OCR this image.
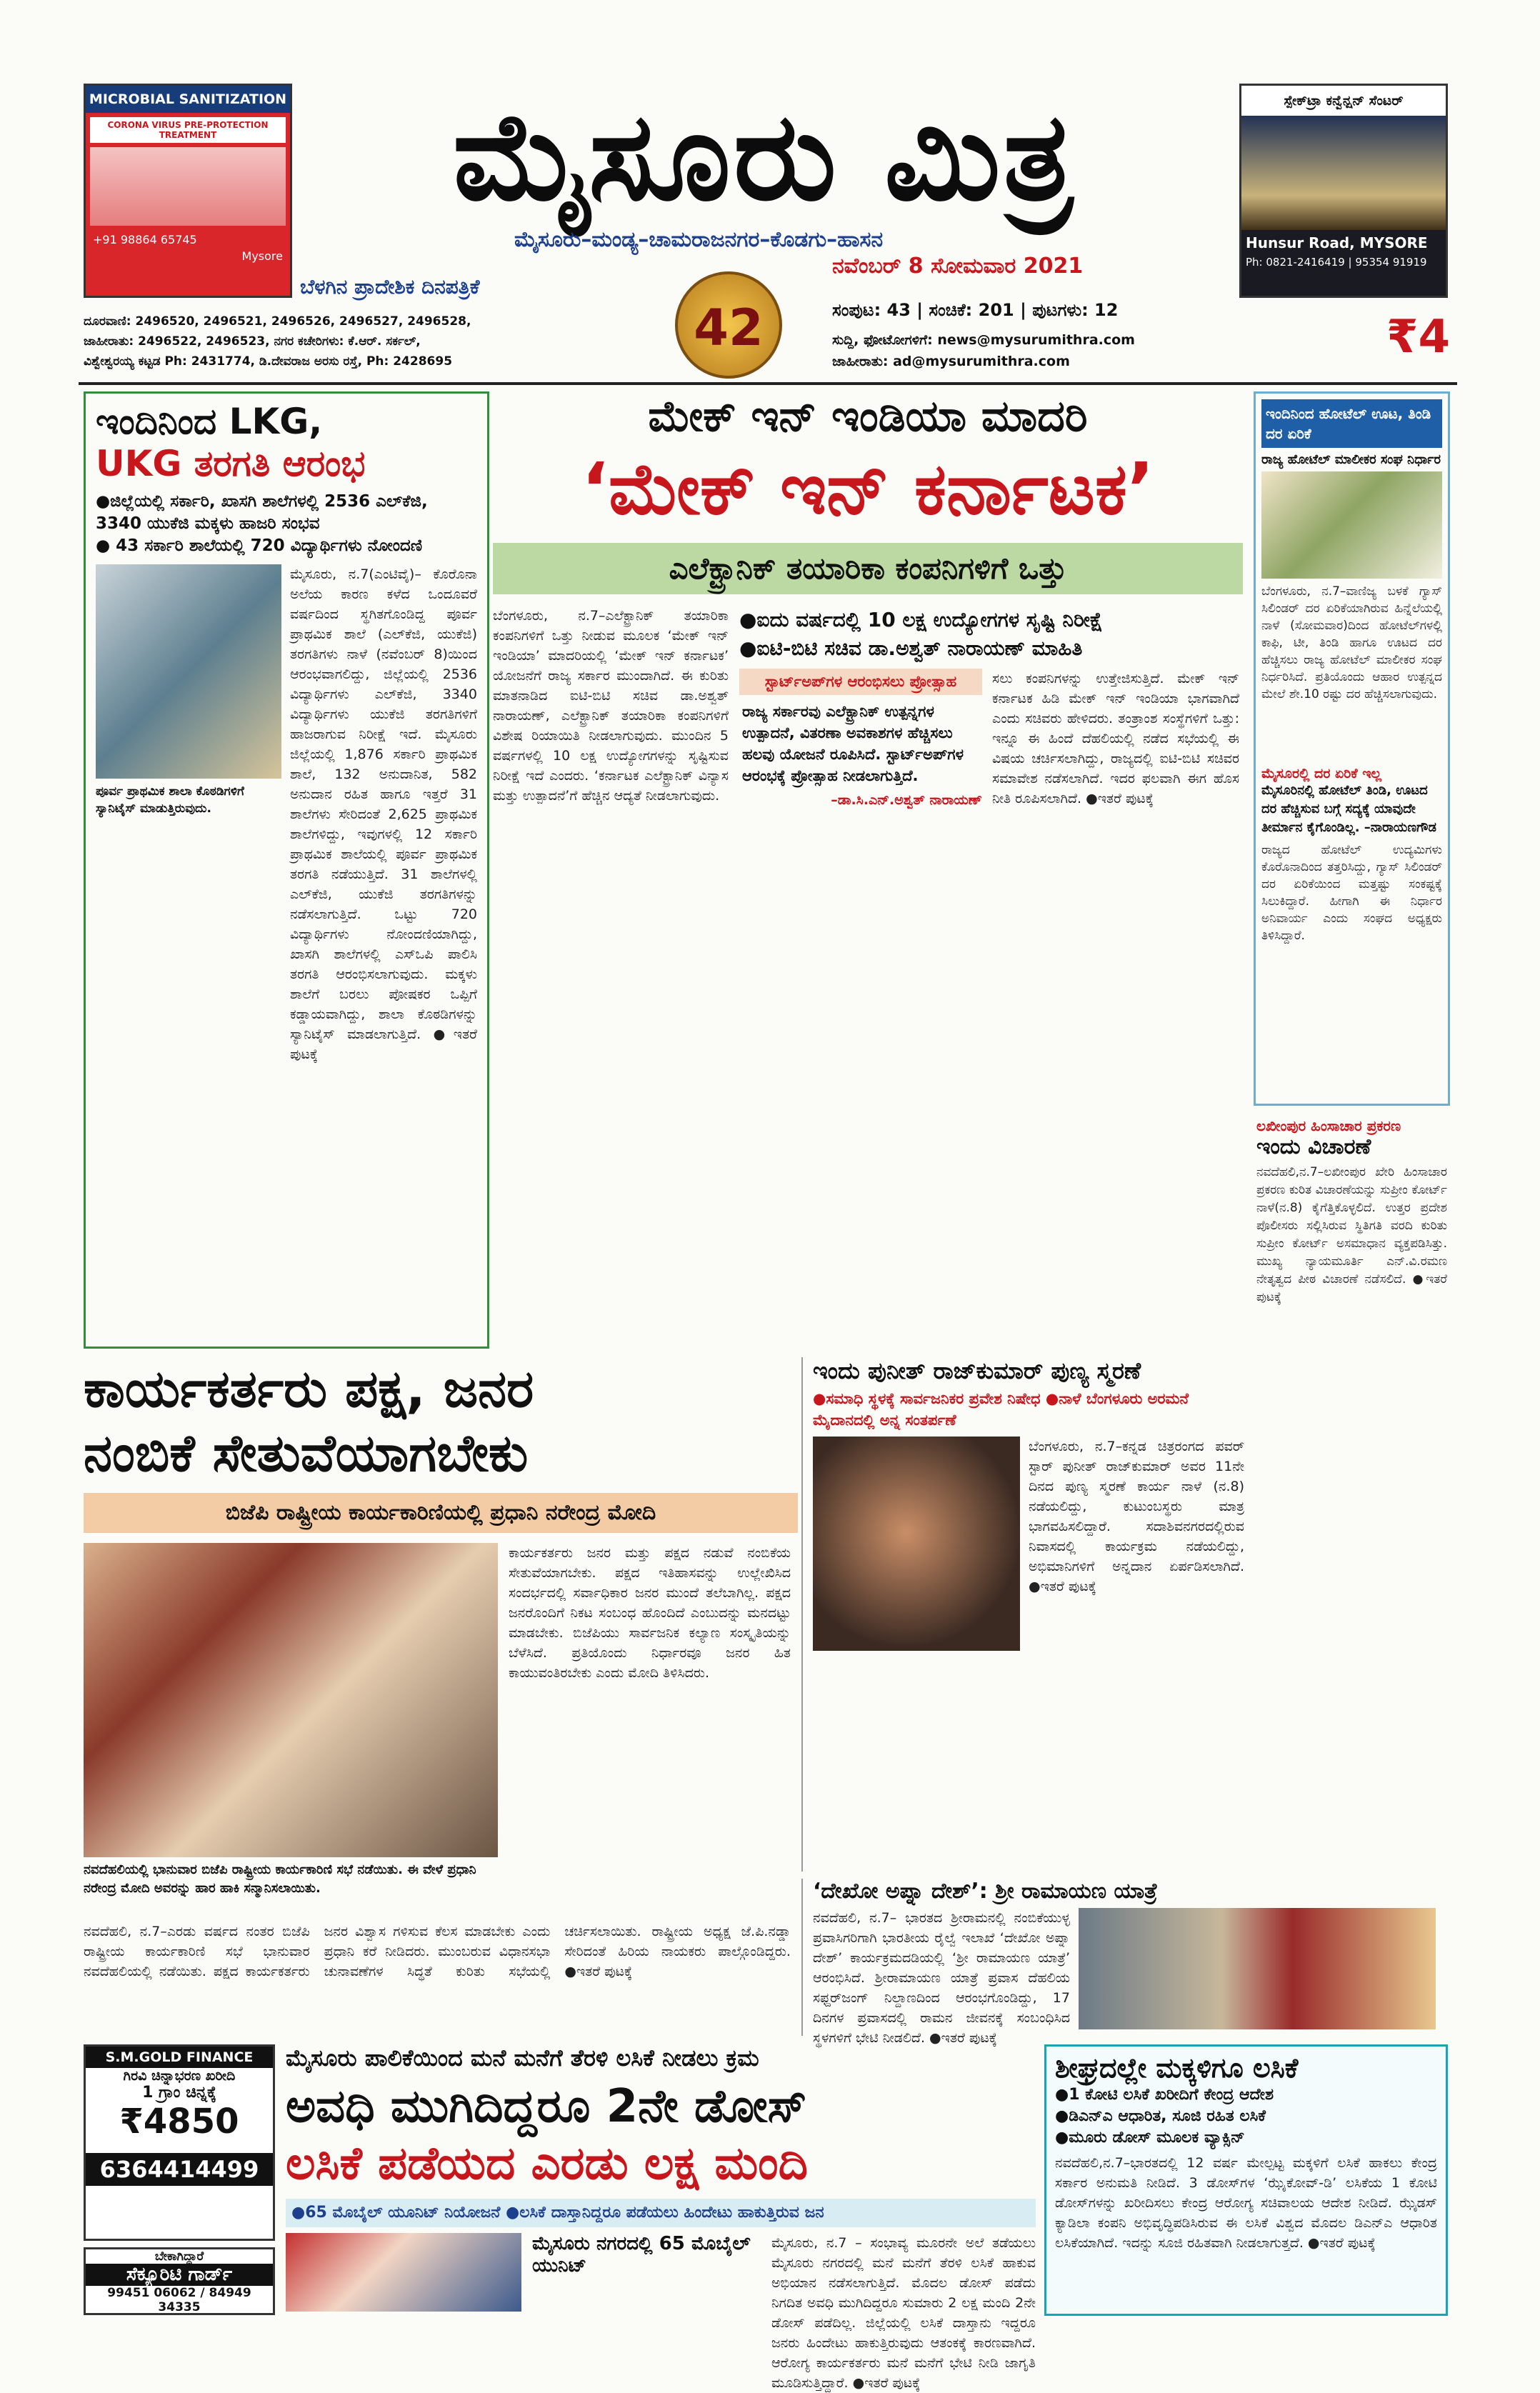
MICROBIAL SANITIZATION
CORONA VIRUS PRE-PROTECTION TREATMENT
+91 98864 65745
Mysore
ಮೈಸೂರು ಮಿತ್ರ
ಮೈಸೂರು–ಮಂಡ್ಯ–ಚಾಮರಾಜನಗರ–ಕೊಡಗು–ಹಾಸನ
ಬೆಳಗಿನ ಪ್ರಾದೇಶಿಕ ದಿನಪತ್ರಿಕೆ
ನವೆಂಬರ್ 8 ಸೋಮವಾರ 2021
42	ಸಂಪುಟ: 43 | ಸಂಚಿಕೆ: 201 | ಪುಟಗಳು: 12
ಸುದ್ದಿ, ಫೋಟೋಗಳಿಗೆ: news@mysurumithra.com
ಜಾಹೀರಾತು: ad@mysurumithra.com
ದೂರವಾಣಿ: 2496520, 2496521, 2496526, 2496527, 2496528,
ಜಾಹೀರಾತು: 2496522, 2496523, ನಗರ ಕಚೇರಿಗಳು: ಕೆ.ಆರ್. ಸರ್ಕಲ್,
ವಿಶ್ವೇಶ್ವರಯ್ಯ ಕಟ್ಟಡ Ph: 2431774, ಡಿ.ದೇವರಾಜ ಅರಸು ರಸ್ತೆ, Ph: 2428695
ಸ್ಪೇಕ್‌ಟ್ರಾ ಕನ್ವೆನ್ಷನ್ ಸೆಂಟರ್
Hunsur Road, MYSORE
Ph: 0821-2416419 | 95354 91919
₹4
ಇಂದಿನಿಂದ LKG,
UKG ತರಗತಿ ಆರಂಭ
●ಜಿಲ್ಲೆಯಲ್ಲಿ ಸರ್ಕಾರಿ, ಖಾಸಗಿ ಶಾಲೆಗಳಲ್ಲಿ 2536 ಎಲ್‌ಕೆಜಿ, 3340 ಯುಕೆಜಿ ಮಕ್ಕಳು ಹಾಜರಿ ಸಂಭವ
● 43 ಸರ್ಕಾರಿ ಶಾಲೆಯಲ್ಲಿ 720 ವಿದ್ಯಾರ್ಥಿಗಳು ನೋಂದಣಿ
ಪೂರ್ವ ಪ್ರಾಥಮಿಕ ಶಾಲಾ ಕೊಠಡಿಗಳಿಗೆ ಸ್ಯಾನಿಟೈಸ್ ಮಾಡುತ್ತಿರುವುದು.
ಮೈಸೂರು, ನ.7(ಎಂಟಿವೈ)– ಕೊರೊನಾ ಅಲೆಯ ಕಾರಣ ಕಳೆದ ಒಂದೂವರೆ ವರ್ಷದಿಂದ ಸ್ಥಗಿತಗೊಂಡಿದ್ದ ಪೂರ್ವ ಪ್ರಾಥಮಿಕ ಶಾಲೆ (ಎಲ್‌ಕೆಜಿ, ಯುಕೆಜಿ) ತರಗತಿಗಳು ನಾಳೆ (ನವೆಂಬರ್ 8)ಯಿಂದ ಆರಂಭವಾಗಲಿದ್ದು, ಜಿಲ್ಲೆಯಲ್ಲಿ 2536 ವಿದ್ಯಾರ್ಥಿಗಳು ಎಲ್‌ಕೆಜಿ, 3340 ವಿದ್ಯಾರ್ಥಿಗಳು ಯುಕೆಜಿ ತರಗತಿಗಳಿಗೆ ಹಾಜರಾಗುವ ನಿರೀಕ್ಷೆ ಇದೆ. ಮೈಸೂರು ಜಿಲ್ಲೆಯಲ್ಲಿ 1,876 ಸರ್ಕಾರಿ ಪ್ರಾಥಮಿಕ ಶಾಲೆ, 132 ಅನುದಾನಿತ, 582 ಅನುದಾನ ರಹಿತ ಹಾಗೂ ಇತ್ತರೆ 31 ಶಾಲೆಗಳು ಸೇರಿದಂತೆ 2,625 ಪ್ರಾಥಮಿಕ ಶಾಲೆಗಳಿದ್ದು, ಇವುಗಳಲ್ಲಿ 12 ಸರ್ಕಾರಿ ಪ್ರಾಥಮಿಕ ಶಾಲೆಯಲ್ಲಿ ಪೂರ್ವ ಪ್ರಾಥಮಿಕ ತರಗತಿ ನಡೆಯುತ್ತಿದೆ. 31 ಶಾಲೆಗಳಲ್ಲಿ ಎಲ್‌ಕೆಜಿ, ಯುಕೆಜಿ ತರಗತಿಗಳನ್ನು ನಡೆಸಲಾಗುತ್ತಿದೆ. ಒಟ್ಟು 720 ವಿದ್ಯಾರ್ಥಿಗಳು ನೋಂದಣಿಯಾಗಿದ್ದು, ಖಾಸಗಿ ಶಾಲೆಗಳಲ್ಲಿ ಎಸ್‌ಒಪಿ ಪಾಲಿಸಿ ತರಗತಿ ಆರಂಭಿಸಲಾಗುವುದು. ಮಕ್ಕಳು ಶಾಲೆಗೆ ಬರಲು ಪೋಷಕರ ಒಪ್ಪಿಗೆ ಕಡ್ಡಾಯವಾಗಿದ್ದು, ಶಾಲಾ ಕೊಠಡಿಗಳನ್ನು ಸ್ಯಾನಿಟೈಸ್ ಮಾಡಲಾಗುತ್ತಿದೆ. ●ಇತರೆ ಪುಟಕ್ಕೆ
ಮೇಕ್ ಇನ್ ಇಂಡಿಯಾ ಮಾದರಿ
‘ಮೇಕ್ ಇನ್ ಕರ್ನಾಟಕ’
ಎಲೆಕ್ಟ್ರಾನಿಕ್ ತಯಾರಿಕಾ ಕಂಪನಿಗಳಿಗೆ ಒತ್ತು
ಬೆಂಗಳೂರು, ನ.7–ಎಲೆಕ್ಟ್ರಾನಿಕ್ ತಯಾರಿಕಾ ಕಂಪನಿಗಳಿಗೆ ಒತ್ತು ನೀಡುವ ಮೂಲಕ ‘ಮೇಕ್ ಇನ್ ಇಂಡಿಯಾ’ ಮಾದರಿಯಲ್ಲಿ ‘ಮೇಕ್ ಇನ್ ಕರ್ನಾಟಕ’ ಯೋಜನೆಗೆ ರಾಜ್ಯ ಸರ್ಕಾರ ಮುಂದಾಗಿದೆ. ಈ ಕುರಿತು ಮಾತನಾಡಿದ ಐಟಿ-ಬಿಟಿ ಸಚಿವ ಡಾ.ಅಶ್ವತ್ ನಾರಾಯಣ್, ಎಲೆಕ್ಟ್ರಾನಿಕ್ ತಯಾರಿಕಾ ಕಂಪನಿಗಳಿಗೆ ವಿಶೇಷ ರಿಯಾಯಿತಿ ನೀಡಲಾಗುವುದು. ಮುಂದಿನ 5 ವರ್ಷಗಳಲ್ಲಿ 10 ಲಕ್ಷ ಉದ್ಯೋಗಗಳನ್ನು ಸೃಷ್ಟಿಸುವ ನಿರೀಕ್ಷೆ ಇದೆ ಎಂದರು. ‘ಕರ್ನಾಟಕ ಎಲೆಕ್ಟ್ರಾನಿಕ್ ವಿನ್ಯಾಸ ಮತ್ತು ಉತ್ಪಾದನೆ’ಗೆ ಹೆಚ್ಚಿನ ಆದ್ಯತೆ ನೀಡಲಾಗುವುದು.
●ಐದು ವರ್ಷದಲ್ಲಿ 10 ಲಕ್ಷ ಉದ್ಯೋಗಗಳ ಸೃಷ್ಟಿ ನಿರೀಕ್ಷೆ
●ಐಟಿ-ಬಿಟಿ ಸಚಿವ ಡಾ.ಅಶ್ವತ್ ನಾರಾಯಣ್ ಮಾಹಿತಿ
ಸ್ಟಾರ್ಟ್‌ಅಪ್‌ಗಳ ಆರಂಭಿಸಲು ಪ್ರೋತ್ಸಾಹ
ರಾಜ್ಯ ಸರ್ಕಾರವು ಎಲೆಕ್ಟ್ರಾನಿಕ್ ಉತ್ಪನ್ನಗಳ ಉತ್ಪಾದನೆ, ವಿತರಣಾ ಅವಕಾಶಗಳ ಹೆಚ್ಚಿಸಲು ಹಲವು ಯೋಜನೆ ರೂಪಿಸಿದೆ. ಸ್ಟಾರ್ಟ್‌ಅಪ್‌ಗಳ ಆರಂಭಕ್ಕೆ ಪ್ರೋತ್ಸಾಹ ನೀಡಲಾಗುತ್ತಿದೆ.
–ಡಾ.ಸಿ.ಎನ್.ಅಶ್ವತ್ ನಾರಾಯಣ್
ಸಲು ಕಂಪನಿಗಳನ್ನು ಉತ್ತೇಜಿಸುತ್ತಿದೆ. ಮೇಕ್ ಇನ್ ಕರ್ನಾಟಕ ಹಿಡಿ ಮೇಕ್ ಇನ್ ಇಂಡಿಯಾ ಭಾಗವಾಗಿದೆ ಎಂದು ಸಚಿವರು ಹೇಳಿದರು. ತಂತ್ರಾಂಶ ಸಂಸ್ಥೆಗಳಿಗೆ ಒತ್ತು: ಇನ್ನೂ ಈ ಹಿಂದೆ ದೆಹಲಿಯಲ್ಲಿ ನಡೆದ ಸಭೆಯಲ್ಲಿ ಈ ವಿಷಯ ಚರ್ಚಿಸಲಾಗಿದ್ದು, ರಾಜ್ಯದಲ್ಲಿ ಐಟಿ-ಬಿಟಿ ಸಚಿವರ ಸಮಾವೇಶ ನಡೆಸಲಾಗಿದೆ. ಇದರ ಫಲವಾಗಿ ಈಗ ಹೊಸ ನೀತಿ ರೂಪಿಸಲಾಗಿದೆ. ●ಇತರೆ ಪುಟಕ್ಕೆ
ಇಂದಿನಿಂದ ಹೋಟೆಲ್ ಊಟ, ತಿಂಡಿ ದರ ಏರಿಕೆ
ರಾಜ್ಯ ಹೋಟೆಲ್ ಮಾಲೀಕರ ಸಂಘ ನಿರ್ಧಾರ
ಬೆಂಗಳೂರು, ನ.7–ವಾಣಿಜ್ಯ ಬಳಕೆ ಗ್ಯಾಸ್ ಸಿಲಿಂಡರ್ ದರ ಏರಿಕೆಯಾಗಿರುವ ಹಿನ್ನೆಲೆಯಲ್ಲಿ ನಾಳೆ (ಸೋಮವಾರ)ದಿಂದ ಹೋಟೆಲ್‌ಗಳಲ್ಲಿ ಕಾಫಿ, ಟೀ, ತಿಂಡಿ ಹಾಗೂ ಊಟದ ದರ ಹೆಚ್ಚಿಸಲು ರಾಜ್ಯ ಹೋಟೆಲ್ ಮಾಲೀಕರ ಸಂಘ ನಿರ್ಧರಿಸಿದೆ. ಪ್ರತಿಯೊಂದು ಆಹಾರ ಉತ್ಪನ್ನದ ಮೇಲೆ ಶೇ.10 ರಷ್ಟು ದರ ಹೆಚ್ಚಿಸಲಾಗುವುದು.
ಮೈಸೂರಲ್ಲಿ ದರ ಏರಿಕೆ ಇಲ್ಲ
ಮೈಸೂರಿನಲ್ಲಿ ಹೋಟೆಲ್ ತಿಂಡಿ, ಊಟದ ದರ ಹೆಚ್ಚಿಸುವ ಬಗ್ಗೆ ಸದ್ಯಕ್ಕೆ ಯಾವುದೇ ತೀರ್ಮಾನ ಕೈಗೊಂಡಿಲ್ಲ. –ನಾರಾಯಣಗೌಡ
ರಾಜ್ಯದ ಹೋಟೆಲ್ ಉದ್ಯಮಿಗಳು ಕೊರೊನಾದಿಂದ ತತ್ತರಿಸಿದ್ದು, ಗ್ಯಾಸ್ ಸಿಲಿಂಡರ್ ದರ ಏರಿಕೆಯಿಂದ ಮತ್ತಷ್ಟು ಸಂಕಷ್ಟಕ್ಕೆ ಸಿಲುಕಿದ್ದಾರೆ. ಹೀಗಾಗಿ ಈ ನಿರ್ಧಾರ ಅನಿವಾರ್ಯ ಎಂದು ಸಂಘದ ಅಧ್ಯಕ್ಷರು ತಿಳಿಸಿದ್ದಾರೆ.
ಲಖೀಂಪುರ ಹಿಂಸಾಚಾರ ಪ್ರಕರಣ
ಇಂದು ವಿಚಾರಣೆ
ನವದೆಹಲಿ,ನ.7–ಲಖೀಂಪುರ ಖೇರಿ ಹಿಂಸಾಚಾರ ಪ್ರಕರಣ ಕುರಿತ ವಿಚಾರಣೆಯನ್ನು ಸುಪ್ರೀಂ ಕೋರ್ಟ್ ನಾಳೆ(ನ.8) ಕೈಗೆತ್ತಿಕೊಳ್ಳಲಿದೆ. ಉತ್ತರ ಪ್ರದೇಶ ಪೊಲೀಸರು ಸಲ್ಲಿಸಿರುವ ಸ್ಥಿತಿಗತಿ ವರದಿ ಕುರಿತು ಸುಪ್ರೀಂ ಕೋರ್ಟ್ ಅಸಮಾಧಾನ ವ್ಯಕ್ತಪಡಿಸಿತ್ತು. ಮುಖ್ಯ ನ್ಯಾಯಮೂರ್ತಿ ಎನ್.ವಿ.ರಮಣ ನೇತೃತ್ವದ ಪೀಠ ವಿಚಾರಣೆ ನಡೆಸಲಿದೆ. ●ಇತರೆ ಪುಟಕ್ಕೆ
ಕಾರ್ಯಕರ್ತರು ಪಕ್ಷ, ಜನರ
ನಂಬಿಕೆ ಸೇತುವೆಯಾಗಬೇಕು
ಬಿಜೆಪಿ ರಾಷ್ಟ್ರೀಯ ಕಾರ್ಯಕಾರಿಣಿಯಲ್ಲಿ ಪ್ರಧಾನಿ ನರೇಂದ್ರ ಮೋದಿ
ನವದೆಹಲಿಯಲ್ಲಿ ಭಾನುವಾರ ಬಿಜೆಪಿ ರಾಷ್ಟ್ರೀಯ ಕಾರ್ಯಕಾರಿಣಿ ಸಭೆ ನಡೆಯಿತು. ಈ ವೇಳೆ ಪ್ರಧಾನಿ ನರೇಂದ್ರ ಮೋದಿ ಅವರನ್ನು ಹಾರ ಹಾಕಿ ಸನ್ಮಾನಿಸಲಾಯಿತು.
ಕಾರ್ಯಕರ್ತರು ಜನರ ಮತ್ತು ಪಕ್ಷದ ನಡುವೆ ನಂಬಿಕೆಯ ಸೇತುವೆಯಾಗಬೇಕು. ಪಕ್ಷದ ಇತಿಹಾಸವನ್ನು ಉಲ್ಲೇಖಿಸಿದ ಸಂದರ್ಭದಲ್ಲಿ ಸರ್ವಾಧಿಕಾರ ಜನರ ಮುಂದೆ ತಲೆಬಾಗಿಲ್ಲ. ಪಕ್ಷದ ಜನರೊಂದಿಗೆ ನಿಕಟ ಸಂಬಂಧ ಹೊಂದಿದೆ ಎಂಬುದನ್ನು ಮನದಟ್ಟು ಮಾಡಬೇಕು. ಬಿಜೆಪಿಯು ಸಾರ್ವಜನಿಕ ಕಲ್ಯಾಣ ಸಂಸ್ಕೃತಿಯನ್ನು ಬೆಳೆಸಿದೆ. ಪ್ರತಿಯೊಂದು ನಿರ್ಧಾರವೂ ಜನರ ಹಿತ ಕಾಯುವಂತಿರಬೇಕು ಎಂದು ಮೋದಿ ತಿಳಿಸಿದರು.
ನವದೆಹಲಿ, ನ.7–ಎರಡು ವರ್ಷದ ನಂತರ ಬಿಜೆಪಿ ರಾಷ್ಟ್ರೀಯ ಕಾರ್ಯಕಾರಿಣಿ ಸಭೆ ಭಾನುವಾರ ನವದೆಹಲಿಯಲ್ಲಿ ನಡೆಯಿತು. ಪಕ್ಷದ ಕಾರ್ಯಕರ್ತರು ಜನರ ವಿಶ್ವಾಸ ಗಳಿಸುವ ಕೆಲಸ ಮಾಡಬೇಕು ಎಂದು ಪ್ರಧಾನಿ ಕರೆ ನೀಡಿದರು. ಮುಂಬರುವ ವಿಧಾನಸಭಾ ಚುನಾವಣೆಗಳ ಸಿದ್ಧತೆ ಕುರಿತು ಸಭೆಯಲ್ಲಿ ಚರ್ಚಿಸಲಾಯಿತು. ರಾಷ್ಟ್ರೀಯ ಅಧ್ಯಕ್ಷ ಜೆ.ಪಿ.ನಡ್ಡಾ ಸೇರಿದಂತೆ ಹಿರಿಯ ನಾಯಕರು ಪಾಲ್ಗೊಂಡಿದ್ದರು. ●ಇತರೆ ಪುಟಕ್ಕೆ
ಇಂದು ಪುನೀತ್ ರಾಜ್‌ಕುಮಾರ್ ಪುಣ್ಯ ಸ್ಮರಣೆ
●ಸಮಾಧಿ ಸ್ಥಳಕ್ಕೆ ಸಾರ್ವಜನಿಕರ ಪ್ರವೇಶ ನಿಷೇಧ ●ನಾಳೆ ಬೆಂಗಳೂರು ಅರಮನೆ ಮೈದಾನದಲ್ಲಿ ಅನ್ನ ಸಂತರ್ಪಣೆ
ಬೆಂಗಳೂರು, ನ.7–ಕನ್ನಡ ಚಿತ್ರರಂಗದ ಪವರ್ ಸ್ಟಾರ್ ಪುನೀತ್ ರಾಜ್‌ಕುಮಾರ್ ಅವರ 11ನೇ ದಿನದ ಪುಣ್ಯ ಸ್ಮರಣೆ ಕಾರ್ಯ ನಾಳೆ (ನ.8) ನಡೆಯಲಿದ್ದು, ಕುಟುಂಬಸ್ಥರು ಮಾತ್ರ ಭಾಗವಹಿಸಲಿದ್ದಾರೆ. ಸದಾಶಿವನಗರದಲ್ಲಿರುವ ನಿವಾಸದಲ್ಲಿ ಕಾರ್ಯಕ್ರಮ ನಡೆಯಲಿದ್ದು, ಅಭಿಮಾನಿಗಳಿಗೆ ಅನ್ನದಾನ ಏರ್ಪಡಿಸಲಾಗಿದೆ. ●ಇತರೆ ಪುಟಕ್ಕೆ
‘ದೇಖೋ ಅಪ್ನಾ ದೇಶ್’: ಶ್ರೀ ರಾಮಾಯಣ ಯಾತ್ರೆ
ನವದೆಹಲಿ, ನ.7– ಭಾರತದ ಶ್ರೀರಾಮನಲ್ಲಿ ನಂಬಿಕೆಯುಳ್ಳ ಪ್ರವಾಸಿಗರಿಗಾಗಿ ಭಾರತೀಯ ರೈಲ್ವೆ ಇಲಾಖೆ ‘ದೇಖೋ ಅಪ್ನಾ ದೇಶ್’ ಕಾರ್ಯಕ್ರಮದಡಿಯಲ್ಲಿ ‘ಶ್ರೀ ರಾಮಾಯಣ ಯಾತ್ರೆ’ ಆರಂಭಿಸಿದೆ. ಶ್ರೀರಾಮಾಯಣ ಯಾತ್ರೆ ಪ್ರವಾಸ ದೆಹಲಿಯ ಸಫ್ದರ್‌ಜಂಗ್ ನಿಲ್ದಾಣದಿಂದ ಆರಂಭಗೊಂಡಿದ್ದು, 17 ದಿನಗಳ ಪ್ರವಾಸದಲ್ಲಿ ರಾಮನ ಜೀವನಕ್ಕೆ ಸಂಬಂಧಿಸಿದ ಸ್ಥಳಗಳಿಗೆ ಭೇಟಿ ನೀಡಲಿದೆ. ●ಇತರೆ ಪುಟಕ್ಕೆ
S.M.GOLD FINANCE
ಗಿರವಿ ಚಿನ್ನಾಭರಣ ಖರೀದಿ
1 ಗ್ರಾಂ ಚಿನ್ನಕ್ಕೆ
₹4850
6364414499
ಬೇಕಾಗಿದ್ದಾರೆ
ಸೆಕ್ಯೂರಿಟಿ ಗಾರ್ಡ್
99451 06062 / 84949 34335
ಮೈಸೂರು ಪಾಲಿಕೆಯಿಂದ ಮನೆ ಮನೆಗೆ ತೆರಳಿ ಲಸಿಕೆ ನೀಡಲು ಕ್ರಮ
ಅವಧಿ ಮುಗಿದಿದ್ದರೂ 2ನೇ ಡೋಸ್
ಲಸಿಕೆ ಪಡೆಯದ ಎರಡು ಲಕ್ಷ ಮಂದಿ
●65 ಮೊಬೈಲ್ ಯೂನಿಟ್ ನಿಯೋಜನೆ ●ಲಸಿಕೆ ದಾಸ್ತಾನಿದ್ದರೂ ಪಡೆಯಲು ಹಿಂದೇಟು ಹಾಕುತ್ತಿರುವ ಜನ
ಮೈಸೂರು ನಗರದಲ್ಲಿ 65 ಮೊಬೈಲ್ ಯುನಿಟ್
ಮೈಸೂರು, ನ.7 – ಸಂಭಾವ್ಯ ಮೂರನೇ ಅಲೆ ತಡೆಯಲು ಮೈಸೂರು ನಗರದಲ್ಲಿ ಮನೆ ಮನೆಗೆ ತೆರಳಿ ಲಸಿಕೆ ಹಾಕುವ ಅಭಿಯಾನ ನಡೆಸಲಾಗುತ್ತಿದೆ. ಮೊದಲ ಡೋಸ್ ಪಡೆದು ನಿಗದಿತ ಅವಧಿ ಮುಗಿದಿದ್ದರೂ ಸುಮಾರು 2 ಲಕ್ಷ ಮಂದಿ 2ನೇ ಡೋಸ್ ಪಡೆದಿಲ್ಲ. ಜಿಲ್ಲೆಯಲ್ಲಿ ಲಸಿಕೆ ದಾಸ್ತಾನು ಇದ್ದರೂ ಜನರು ಹಿಂದೇಟು ಹಾಕುತ್ತಿರುವುದು ಆತಂಕಕ್ಕೆ ಕಾರಣವಾಗಿದೆ. ಆರೋಗ್ಯ ಕಾರ್ಯಕರ್ತರು ಮನೆ ಮನೆಗೆ ಭೇಟಿ ನೀಡಿ ಜಾಗೃತಿ ಮೂಡಿಸುತ್ತಿದ್ದಾರೆ. ●ಇತರೆ ಪುಟಕ್ಕೆ
ಶೀಘ್ರದಲ್ಲೇ ಮಕ್ಕಳಿಗೂ ಲಸಿಕೆ
●1 ಕೋಟಿ ಲಸಿಕೆ ಖರೀದಿಗೆ ಕೇಂದ್ರ ಆದೇಶ
●ಡಿಎನ್‌ಎ ಆಧಾರಿತ, ಸೂಜಿ ರಹಿತ ಲಸಿಕೆ
●ಮೂರು ಡೋಸ್ ಮೂಲಕ ವ್ಯಾಕ್ಸಿನ್
ನವದೆಹಲಿ,ನ.7–ಭಾರತದಲ್ಲಿ 12 ವರ್ಷ ಮೇಲ್ಪಟ್ಟ ಮಕ್ಕಳಿಗೆ ಲಸಿಕೆ ಹಾಕಲು ಕೇಂದ್ರ ಸರ್ಕಾರ ಅನುಮತಿ ನೀಡಿದೆ. 3 ಡೋಸ್‌ಗಳ ‘ಝೈಕೋವ್-ಡಿ’ ಲಸಿಕೆಯ 1 ಕೋಟಿ ಡೋಸ್‌ಗಳನ್ನು ಖರೀದಿಸಲು ಕೇಂದ್ರ ಆರೋಗ್ಯ ಸಚಿವಾಲಯ ಆದೇಶ ನೀಡಿದೆ. ಝೈಡಸ್ ಕ್ಯಾಡಿಲಾ ಕಂಪನಿ ಅಭಿವೃದ್ಧಿಪಡಿಸಿರುವ ಈ ಲಸಿಕೆ ವಿಶ್ವದ ಮೊದಲ ಡಿಎನ್‌ಎ ಆಧಾರಿತ ಲಸಿಕೆಯಾಗಿದೆ. ಇದನ್ನು ಸೂಜಿ ರಹಿತವಾಗಿ ನೀಡಲಾಗುತ್ತದೆ. ●ಇತರೆ ಪುಟಕ್ಕೆ
